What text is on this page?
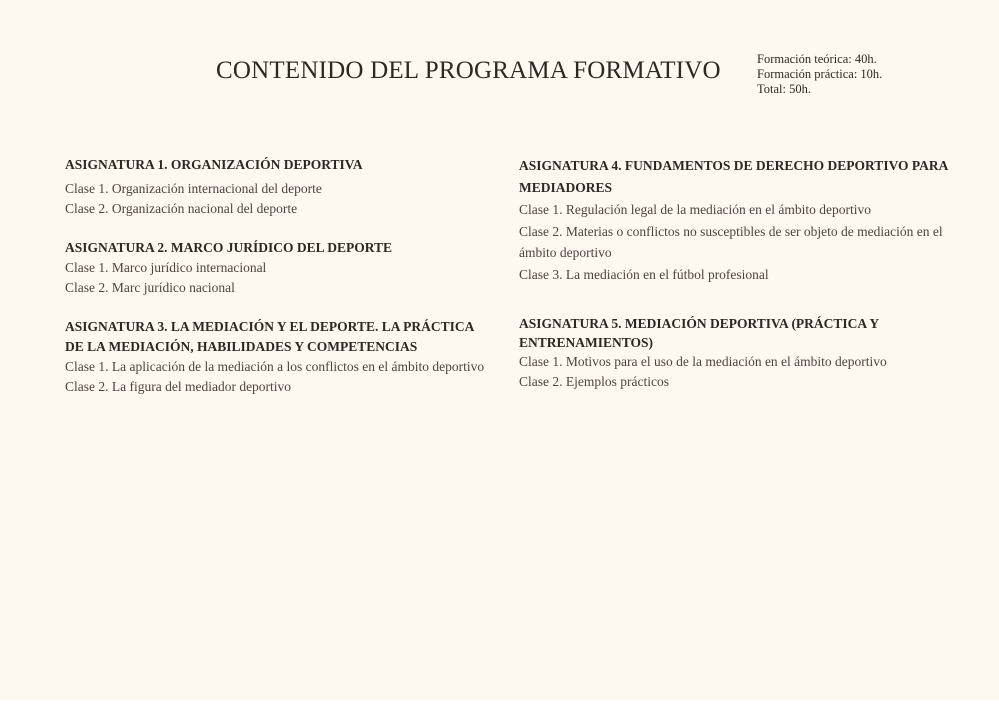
CONTENIDO DEL PROGRAMA FORMATIVO	Formación teórica: 40h.
Formación práctica: 10h.
Total: 50h.
ASIGNATURA 1. ORGANIZACIÓN DEPORTIVA
Clase 1. Organización internacional del deporte
Clase 2. Organización nacional del deporte
ASIGNATURA 2. MARCO JURÍDICO DEL DEPORTE
Clase 1. Marco jurídico internacional
Clase 2. Marc jurídico nacional
ASIGNATURA 3. LA MEDIACIÓN Y EL DEPORTE. LA PRÁCTICA DE LA MEDIACIÓN, HABILIDADES Y COMPETENCIAS
Clase 1. La aplicación de la mediación a los conflictos en el ámbito deportivo
Clase 2. La figura del mediador deportivo
ASIGNATURA 4. FUNDAMENTOS DE DERECHO DEPORTIVO PARA MEDIADORES
Clase 1. Regulación legal de la mediación en el ámbito deportivo
Clase 2. Materias o conflictos no susceptibles de ser objeto de mediación en el ámbito deportivo
Clase 3. La mediación en el fútbol profesional
ASIGNATURA 5. MEDIACIÓN DEPORTIVA (PRÁCTICA Y ENTRENAMIENTOS)
Clase 1. Motivos para el uso de la mediación en el ámbito deportivo
Clase 2. Ejemplos prácticos
